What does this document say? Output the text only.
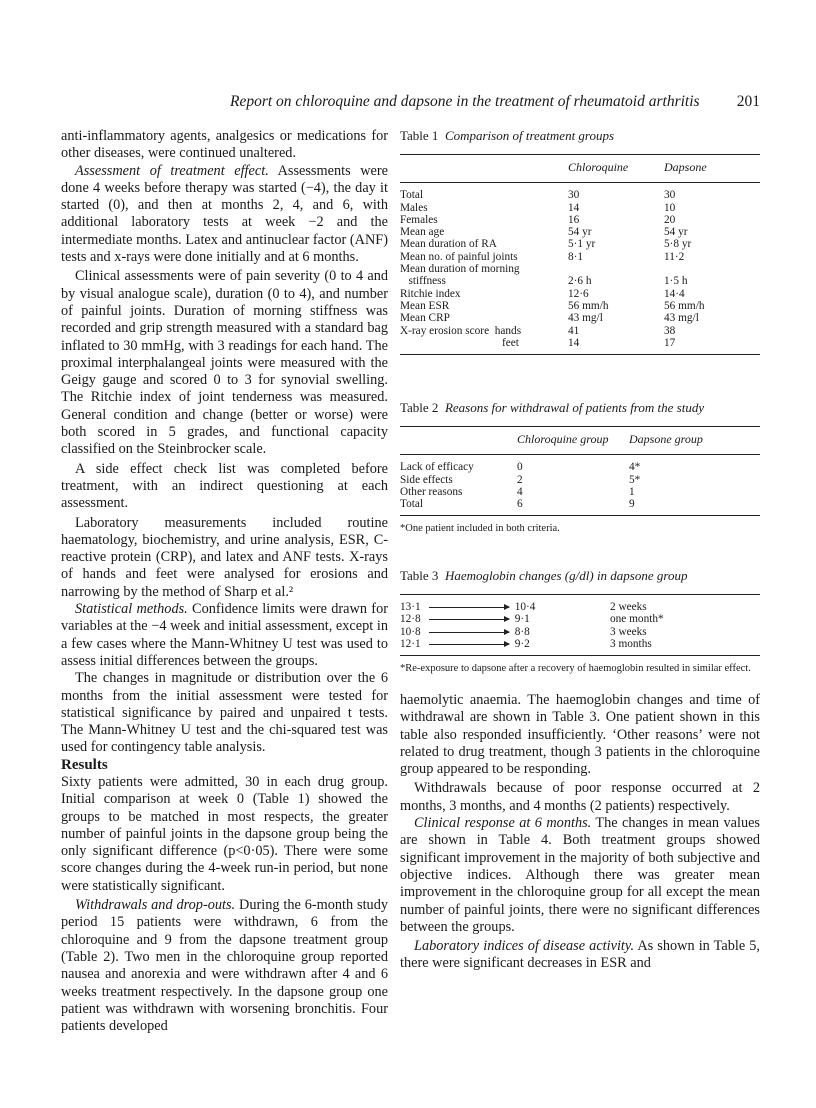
Report on chloroquine and dapsone in the treatment of rheumatoid arthritis 201

anti-inflammatory agents, analgesics or medications for other diseases, were continued unaltered.

Assessment of treatment effect. Assessments were done 4 weeks before therapy was started (−4), the day it started (0), and then at months 2, 4, and 6, with additional laboratory tests at week −2 and the intermediate months. Latex and antinuclear factor (ANF) tests and x-rays were done initially and at 6 months.

Clinical assessments were of pain severity (0 to 4 and by visual analogue scale), duration (0 to 4), and number of painful joints. Duration of morning stiffness was recorded and grip strength measured with a standard bag inflated to 30 mmHg, with 3 readings for each hand. The proximal interphalangeal joints were measured with the Geigy gauge and scored 0 to 3 for synovial swelling. The Ritchie index of joint tenderness was measured. General condition and change (better or worse) were both scored in 5 grades, and functional capacity classified on the Steinbrocker scale.

A side effect check list was completed before treatment, with an indirect questioning at each assessment.

Laboratory measurements included routine haematology, biochemistry, and urine analysis, ESR, C-reactive protein (CRP), and latex and ANF tests. X-rays of hands and feet were analysed for erosions and narrowing by the method of Sharp et al.²

Statistical methods. Confidence limits were drawn for variables at the −4 week and initial assessment, except in a few cases where the Mann-Whitney U test was used to assess initial differences between the groups.

The changes in magnitude or distribution over the 6 months from the initial assessment were tested for statistical significance by paired and unpaired t tests. The Mann-Whitney U test and the chi-squared test was used for contingency table analysis.

Results

Sixty patients were admitted, 30 in each drug group. Initial comparison at week 0 (Table 1) showed the groups to be matched in most respects, the greater number of painful joints in the dapsone group being the only significant difference (p<0·05). There were some score changes during the 4-week run-in period, but none were statistically significant.

Withdrawals and drop-outs. During the 6-month study period 15 patients were withdrawn, 6 from the chloroquine and 9 from the dapsone treatment group (Table 2). Two men in the chloroquine group reported nausea and anorexia and were withdrawn after 4 and 6 weeks treatment respectively. In the dapsone group one patient was withdrawn with worsening bronchitis. Four patients developed

Table 1 Comparison of treatment groups

	Chloroquine	Dapsone
Total	30	30
Males	14	10
Females	16	20
Mean age	54 yr	54 yr
Mean duration of RA	5·1 yr	5·8 yr
Mean no. of painful joints	8·1	11·2
Mean duration of morning		
stiffness	2·6 h	1·5 h
Ritchie index	12·6	14·4
Mean ESR	56 mm/h	56 mm/h
Mean CRP	43 mg/l	43 mg/l
X-ray erosion score  hands	41	38
feet	14	17

Table 2 Reasons for withdrawal of patients from the study

	Chloroquine group	Dapsone group
Lack of efficacy	0	4*
Side effects	2	5*
Other reasons	4	1
Total	6	9
*One patient included in both criteria.

Table 3 Haemoglobin changes (g/dl) in dapsone group

13·1 10·4	2 weeks
12·8 9·1	one month*
10·8 8·8	3 weeks
12·1 9·2	3 months
*Re-exposure to dapsone after a recovery of haemoglobin resulted in similar effect.

haemolytic anaemia. The haemoglobin changes and time of withdrawal are shown in Table 3. One patient shown in this table also responded insufficiently. ‘Other reasons’ were not related to drug treatment, though 3 patients in the chloroquine group appeared to be responding.

Withdrawals because of poor response occurred at 2 months, 3 months, and 4 months (2 patients) respectively.

Clinical response at 6 months. The changes in mean values are shown in Table 4. Both treatment groups showed significant improvement in the majority of both subjective and objective indices. Although there was greater mean improvement in the chloroquine group for all except the mean number of painful joints, there were no significant differences between the groups.

Laboratory indices of disease activity. As shown in Table 5, there were significant decreases in ESR and
